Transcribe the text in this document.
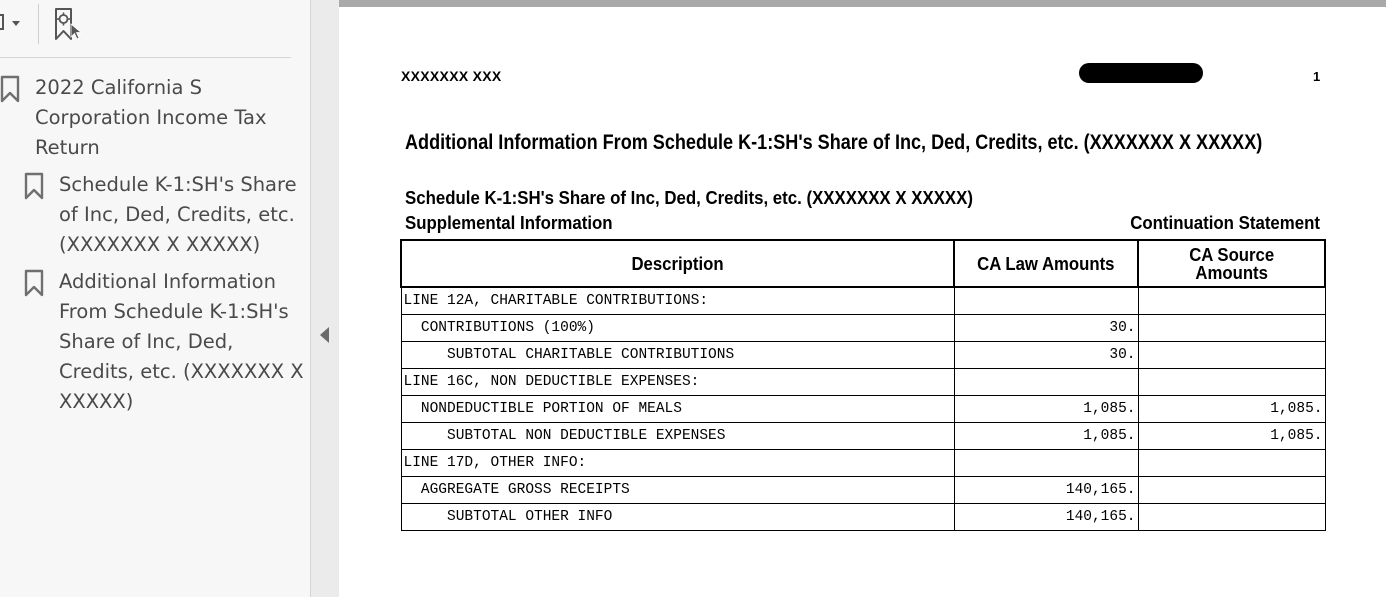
2022 California S
Corporation Income Tax
Return
Schedule K-1:SH's Share
of Inc, Ded, Credits, etc.
(XXXXXXX X XXXXX)
Additional Information
From Schedule K-1:SH's
Share of Inc, Ded,
Credits, etc. (XXXXXXX X
XXXXX)
XXXXXXX XXX	1
Additional Information From Schedule K-1:SH's Share of Inc, Ded, Credits, etc. (XXXXXXX X XXXXX)
Schedule K-1:SH's Share of Inc, Ded, Credits, etc. (XXXXXXX X XXXXX)
Supplemental Information	Continuation Statement
Description	CA Law Amounts	CA Source
Amounts
LINE 12A, CHARITABLE CONTRIBUTIONS:		
CONTRIBUTIONS (100%)	30.	
SUBTOTAL CHARITABLE CONTRIBUTIONS	30.	
LINE 16C, NON DEDUCTIBLE EXPENSES:		
NONDEDUCTIBLE PORTION OF MEALS	1,085.	1,085.
SUBTOTAL NON DEDUCTIBLE EXPENSES	1,085.	1,085.
LINE 17D, OTHER INFO:		
AGGREGATE GROSS RECEIPTS	140,165.	
SUBTOTAL OTHER INFO	140,165.	
